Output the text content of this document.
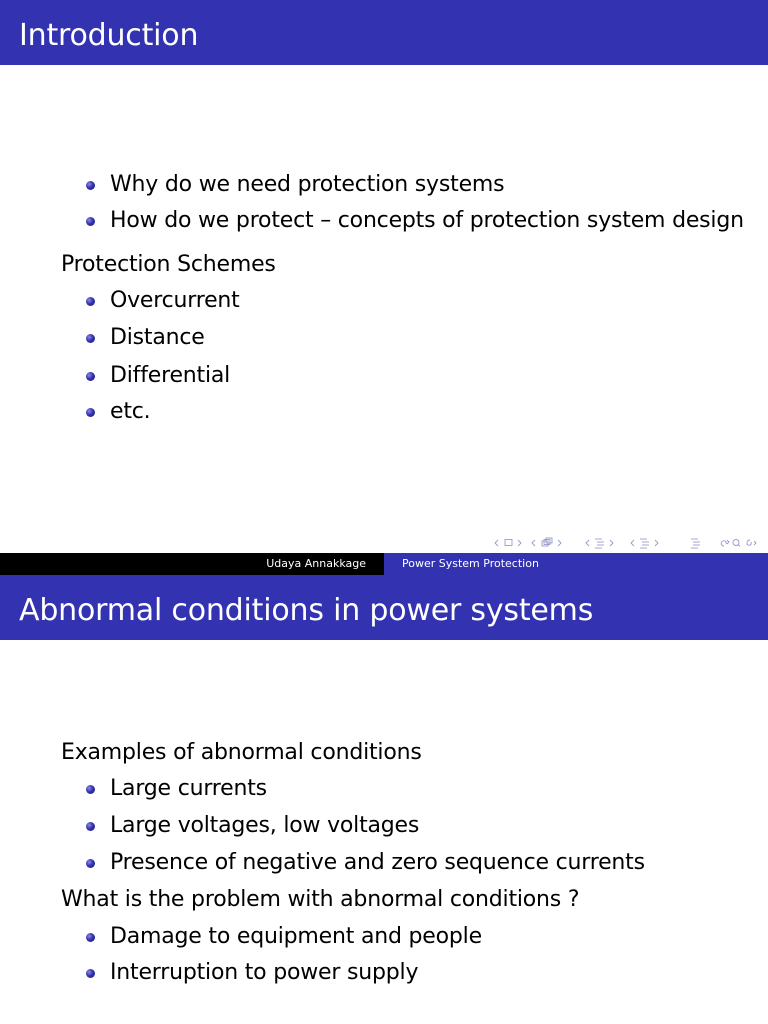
Introduction
Why do we need protection systems
How do we protect – concepts of protection system design
Protection Schemes
Overcurrent
Distance
Differential
etc.
Udaya Annakkage	Power System Protection
Abnormal conditions in power systems
Examples of abnormal conditions
Large currents
Large voltages, low voltages
Presence of negative and zero sequence currents
What is the problem with abnormal conditions ?
Damage to equipment and people
Interruption to power supply
